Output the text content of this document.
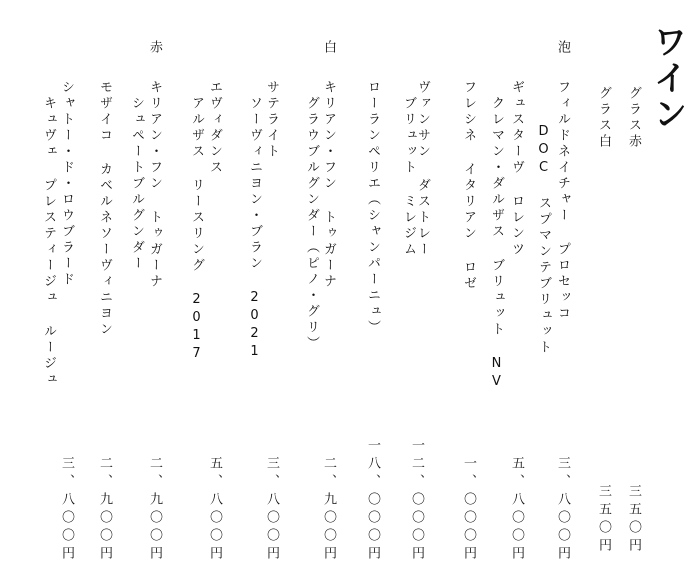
ワイン
グラス赤
グラス白
三五〇円
三五〇円
泡
フィルドネイチャー プロセッコ
DOC スプマンテブリュット
ギュスターヴ ロレンツ
クレマン・ダルザス ブリュット NV
フレシネ イタリアン ロゼ
ヴァンサン ダストレー
ブリュット ミレジム
ローランペリエ（シャンパーニュ）
三、八〇〇円
五、八〇〇円
一、〇〇〇円
一二、〇〇〇円
一八、〇〇〇円
白
キリアン・フン トゥガーナ
グラウブルグンダー（ピノ・グリ）
サテライト
ソーヴィニヨン・ブラン 2021
エヴィダンス
アルザス リースリング 2017
二、九〇〇円
三、八〇〇円
五、八〇〇円
赤
キリアン・フン トゥガーナ
シュペートブルグンダー
モザイコ カベルネソーヴィニヨン
シャトー・ド・ロウブラード
キュヴェ プレスティージュ ルージュ
二、九〇〇円
二、九〇〇円
三、八〇〇円
